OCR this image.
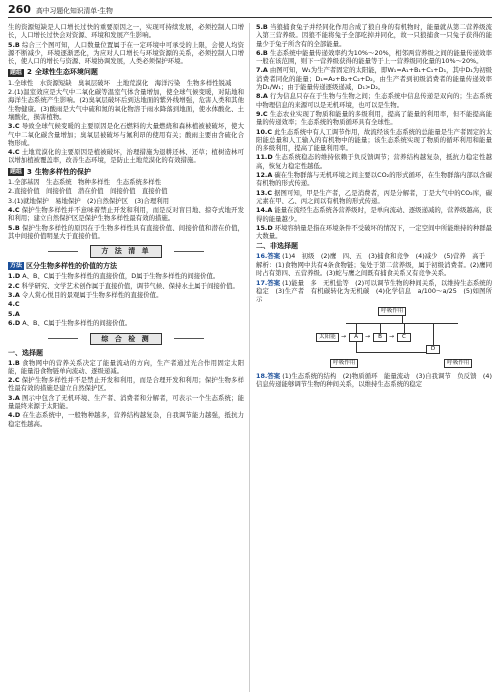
260 高中习题化知识清单·生物

生的资源短缺是人口增长过快的重要原因之一，实现可持续发展，必须控制人口增长，人口增长过快会对资源、环境和发展产生影响。

5.B 综合三个图可知，人口数量位置属于在一定环境中可承受的上限，会使人均资源不断减少，环境逐渐恶化，为应对人口增长与环境资源的关系，必须控制人口增长，使人口的增长与资源、环境协调发展，人类必须保护环境。

题组 2 全球性生态环境问题

1.全球性　水资源短缺　臭氧层破坏　土地荒漠化　海洋污染　生物多样性锐减

2.(1)温室效应是大气中二氧化碳等温室气体含量增加，使全球气候变暖，对陆地和海洋生态系统产生影响。(2)臭氧层破坏后到达地面的紫外线增强，危害人类和其他生物健康。(3)酸雨是大气中硫和氮的氧化物溶于雨水降落到地面，使水体酸化、土壤酸化，损害植物。

3.C 导致全球气候变暖的主要原因是化石燃料的大量燃烧和森林植被被破坏，使大气中二氧化碳含量增加；臭氧层被破坏与氟利昂的使用有关；酸雨主要由含硫化合物形成。

4.C 土地荒漠化的主要原因是植被破坏，治理措施为退耕还林、还草；植树造林可以增加植被覆盖率，改善生态环境，是防止土地荒漠化的有效措施。

题组 3 生物多样性的保护

1.全部基因　生态系统　物种多样性　生态系统多样性

2.直接价值　间接价值　潜在价值　间接价值　直接价值

3.(1)就地保护　易地保护　(2)自然保护区　(3)合理利用

4.C 保护生物多样性并不意味着禁止开发和利用，而是反对盲目地、掠夺式地开发和利用；建立自然保护区是保护生物多样性最有效的措施。

5.B 保护生物多样性的原因在于生物多样性具有直接价值、间接价值和潜在价值，其中间接价值明显大于直接价值。

方 法 清 单
方法 区分生物多样性的价值的方法

1.D A、B、C属于生物多样性的直接价值，D属于生物多样性的间接价值。

2.C 科学研究、文学艺术创作属于直接价值，调节气候、保持水土属于间接价值。

3.A 令人赏心悦目的景观属于生物多样性的直接价值。

4.C

5.A

6.D A、B、C属于生物多样性的间接价值。

综 合 检 测
一、选择题

1.B 食物网中的营养关系决定了能量流动的方向，生产者通过光合作用固定太阳能，能量沿食物链单向流动、逐级递减。

2.C 保护生物多样性并不是禁止开发和利用，而是合理开发和利用；保护生物多样性最有效的措施是建立自然保护区。

3.A 图示中包含了无机环境、生产者、消费者和分解者，可表示一个生态系统；能量最终来源于太阳能。

4.D 在生态系统中，一般物种越多，营养结构越复杂，自我调节能力越强，抵抗力稳定性越高。

5.B 当狼捕食兔子并经同化作用合成了狼自身的有机物时，能量就从第二营养级流入第三营养级。因狼不能将兔子全部吃掉并同化，故一只狼捕食一只兔子获得的能量少于兔子所含有的全部能量。

6.B 生态系统中能量传递效率约为10%～20%，相邻两营养级之间的能量传递效率一般在该范围，则下一营养级获得的能量等于上一营养级同化量的10%～20%。

7.A 由图可知，W₁为生产者固定的太阳能，即W₁=A₁+B₁+C₁+D₁，其中D₁为初级消费者同化的能量；D₁=A₂+B₂+C₂+D₂，由生产者到初级消费者的能量传递效率为D₁/W₁；由于能量传递逐级递减，D₁>D₂。

8.A 行为信息只存在于生物与生物之间；生态系统中信息传递是双向的；生态系统中物理信息的来源可以是无机环境，也可以是生物。

9.C 生态农业实现了物质和能量的多级利用，提高了能量的利用率，但不能提高能量的传递效率；生态系统的物质循环具有全球性。

10.C 此生态系统中有人工调节作用，故流经该生态系统的总能量是生产者固定的太阳能总量和人工输入的有机物中的能量；该生态系统实现了物质的循环利用和能量的多级利用，提高了能量利用率。

11.D 生态系统稳态的维持依赖于负反馈调节；营养结构越复杂，抵抗力稳定性越高，恢复力稳定性越低。

12.A 碳在生物群落与无机环境之间主要以CO₂的形式循环，在生物群落内部以含碳有机物的形式传递。

13.C 据图可知，甲是生产者，乙是消费者，丙是分解者，丁是大气中的CO₂库，碳元素在甲、乙、丙之间以有机物的形式传递。

14.A 能量在流经生态系统各营养级时，是单向流动、逐级递减的，营养级越高，获得的能量越少。

15.D 环境容纳量是指在环境条件不受破坏的情况下，一定空间中所能维持的种群最大数量。

二、非选择题

16.答案 (1)4　初级　(2)鹰　四、五　(3)捕食和竞争　(4)减少　(5)营养　高于

解析：(1)食物网中共有4条食物链；兔处于第二营养级，属于初级消费者。(2)鹰同时占有第四、五营养级。(3)蛇与鹰之间既有捕食关系又有竞争关系。

17.答案 (1)能量　多　无机盐等　(2)可以调节生物的种间关系，以维持生态系统的稳定　(3)生产者　有机碳转化为无机碳　(4)化学信息　a/100～a/25　(5)如图所示

呼吸作用
太阳能 →	A	→	B	→	C
D
呼吸作用	呼吸作用

18.答案 (1)生态系统的结构　(2)物质循环　能量流动　(3)自我调节　负反馈　(4)信息传递能够调节生物的种间关系，以维持生态系统的稳定
